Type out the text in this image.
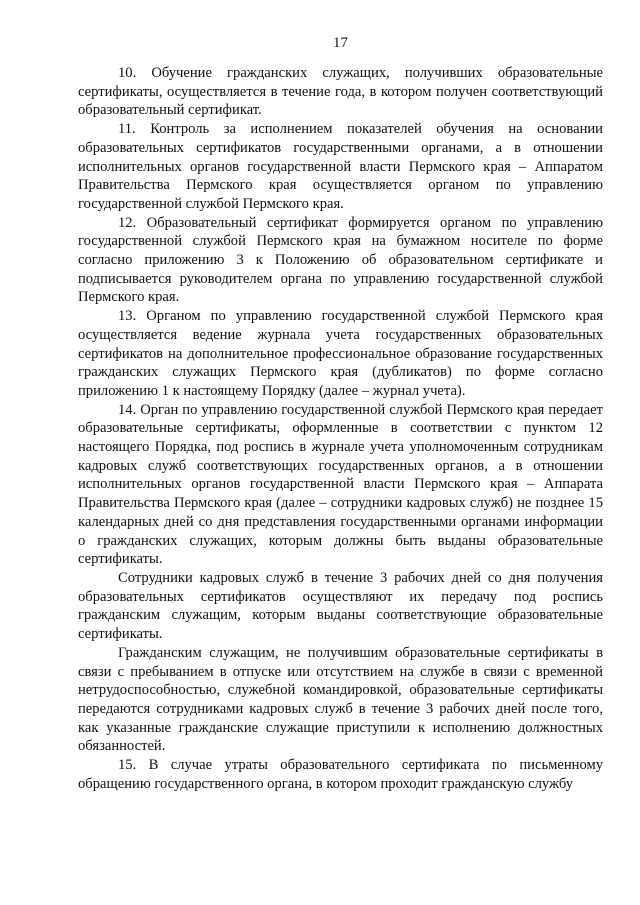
17

10. Обучение гражданских служащих, получивших образовательные сертификаты, осуществляется в течение года, в котором получен соответствующий образовательный сертификат.

11. Контроль за исполнением показателей обучения на основании образовательных сертификатов государственными органами, а в отношении исполнительных органов государственной власти Пермского края – Аппаратом Правительства Пермского края осуществляется органом по управлению государственной службой Пермского края.

12. Образовательный сертификат формируется органом по управлению государственной службой Пермского края на бумажном носителе по форме согласно приложению 3 к Положению об образовательном сертификате и подписывается руководителем органа по управлению государственной службой Пермского края.

13. Органом по управлению государственной службой Пермского края осуществляется ведение журнала учета государственных образовательных сертификатов на дополнительное профессиональное образование государственных гражданских служащих Пермского края (дубликатов) по форме согласно приложению 1 к настоящему Порядку (далее – журнал учета).

14. Орган по управлению государственной службой Пермского края передает образовательные сертификаты, оформленные в соответствии с пунктом 12 настоящего Порядка, под роспись в журнале учета уполномоченным сотрудникам кадровых служб соответствующих государственных органов, а в отношении исполнительных органов государственной власти Пермского края – Аппарата Правительства Пермского края (далее – сотрудники кадровых служб) не позднее 15 календарных дней со дня представления государственными органами информации о гражданских служащих, которым должны быть выданы образовательные сертификаты.

Сотрудники кадровых служб в течение 3 рабочих дней со дня получения образовательных сертификатов осуществляют их передачу под роспись гражданским служащим, которым выданы соответствующие образовательные сертификаты.

Гражданским служащим, не получившим образовательные сертификаты в связи с пребыванием в отпуске или отсутствием на службе в связи с временной нетрудоспособностью, служебной командировкой, образовательные сертификаты передаются сотрудниками кадровых служб в течение 3 рабочих дней после того, как указанные гражданские служащие приступили к исполнению должностных обязанностей.

15. В случае утраты образовательного сертификата по письменному обращению государственного органа, в котором проходит гражданскую службу
